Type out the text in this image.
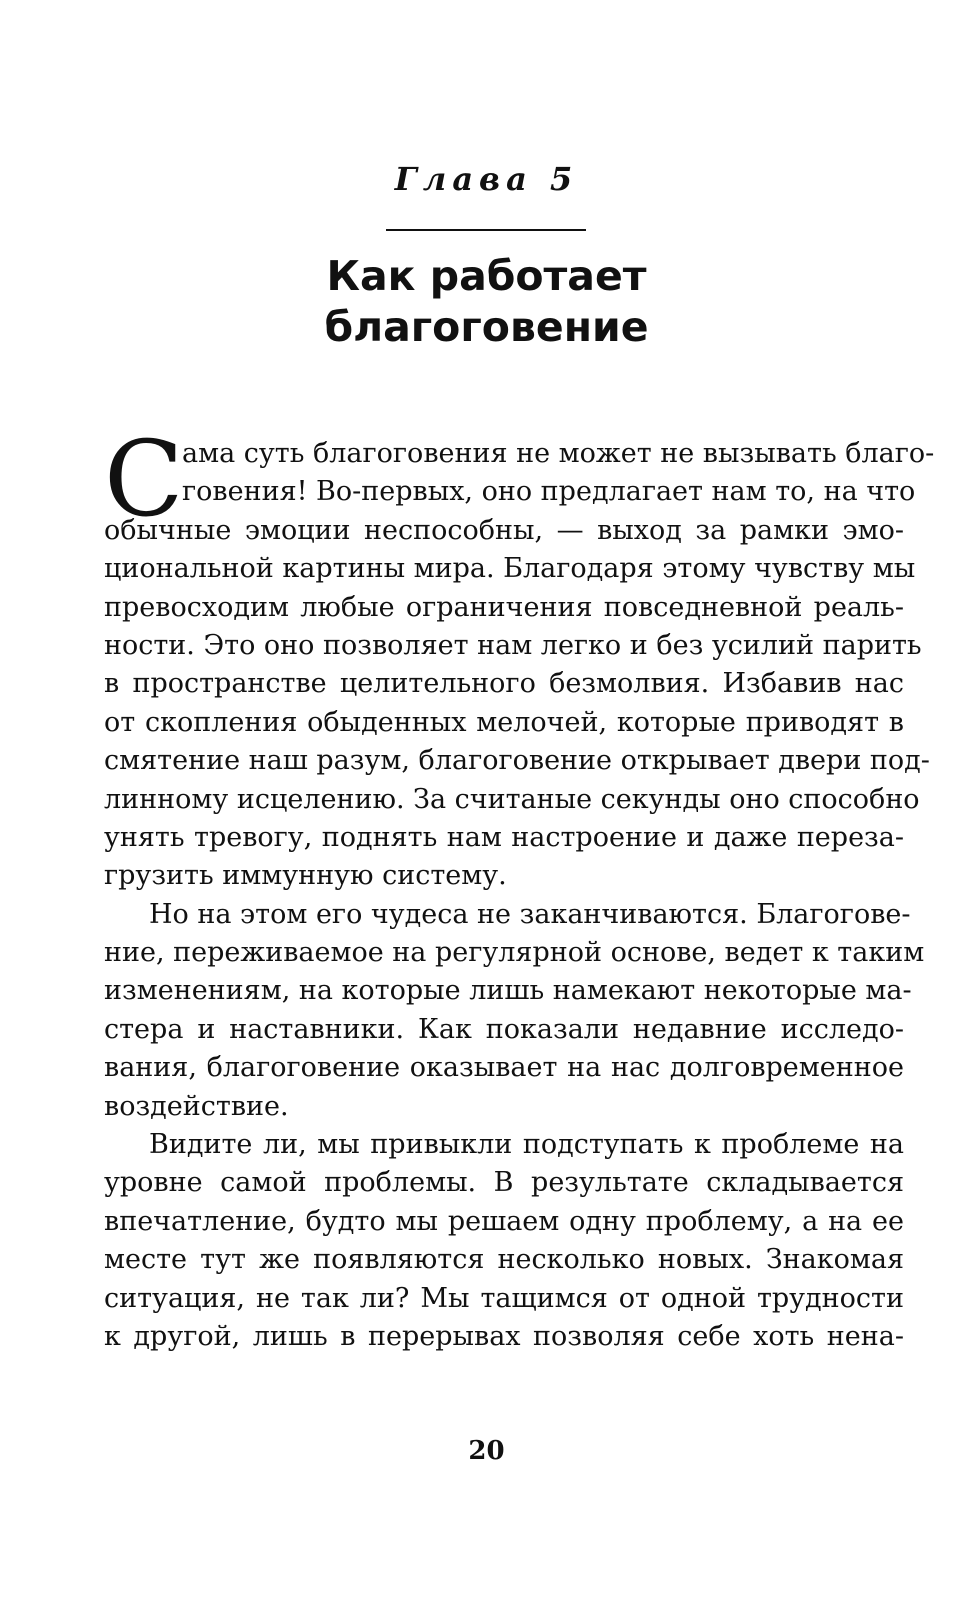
Глава 5
Как работает
благоговение
С
ама суть благоговения не может не вызывать благо-
говения! Во-первых, оно предлагает нам то, на что
обычные эмоции неспособны, — выход за рамки эмо-
циональной картины мира. Благодаря этому чувству мы
превосходим любые ограничения повседневной реаль-
ности. Это оно позволяет нам легко и без усилий парить
в пространстве целительного безмолвия. Избавив нас
от скопления обыденных мелочей, которые приводят в
смятение наш разум, благоговение открывает двери под-
линному исцелению. За считаные секунды оно способно
унять тревогу, поднять нам настроение и даже переза-
грузить иммунную систему.
Но на этом его чудеса не заканчиваются. Благогове-
ние, переживаемое на регулярной основе, ведет к таким
изменениям, на которые лишь намекают некоторые ма-
стера и наставники. Как показали недавние исследо-
вания, благоговение оказывает на нас долговременное
воздействие.
Видите ли, мы привыкли подступать к проблеме на
уровне самой проблемы. В результате складывается
впечатление, будто мы решаем одну проблему, а на ее
месте тут же появляются несколько новых. Знакомая
ситуация, не так ли? Мы тащимся от одной трудности
к другой, лишь в перерывах позволяя себе хоть нена-
20
